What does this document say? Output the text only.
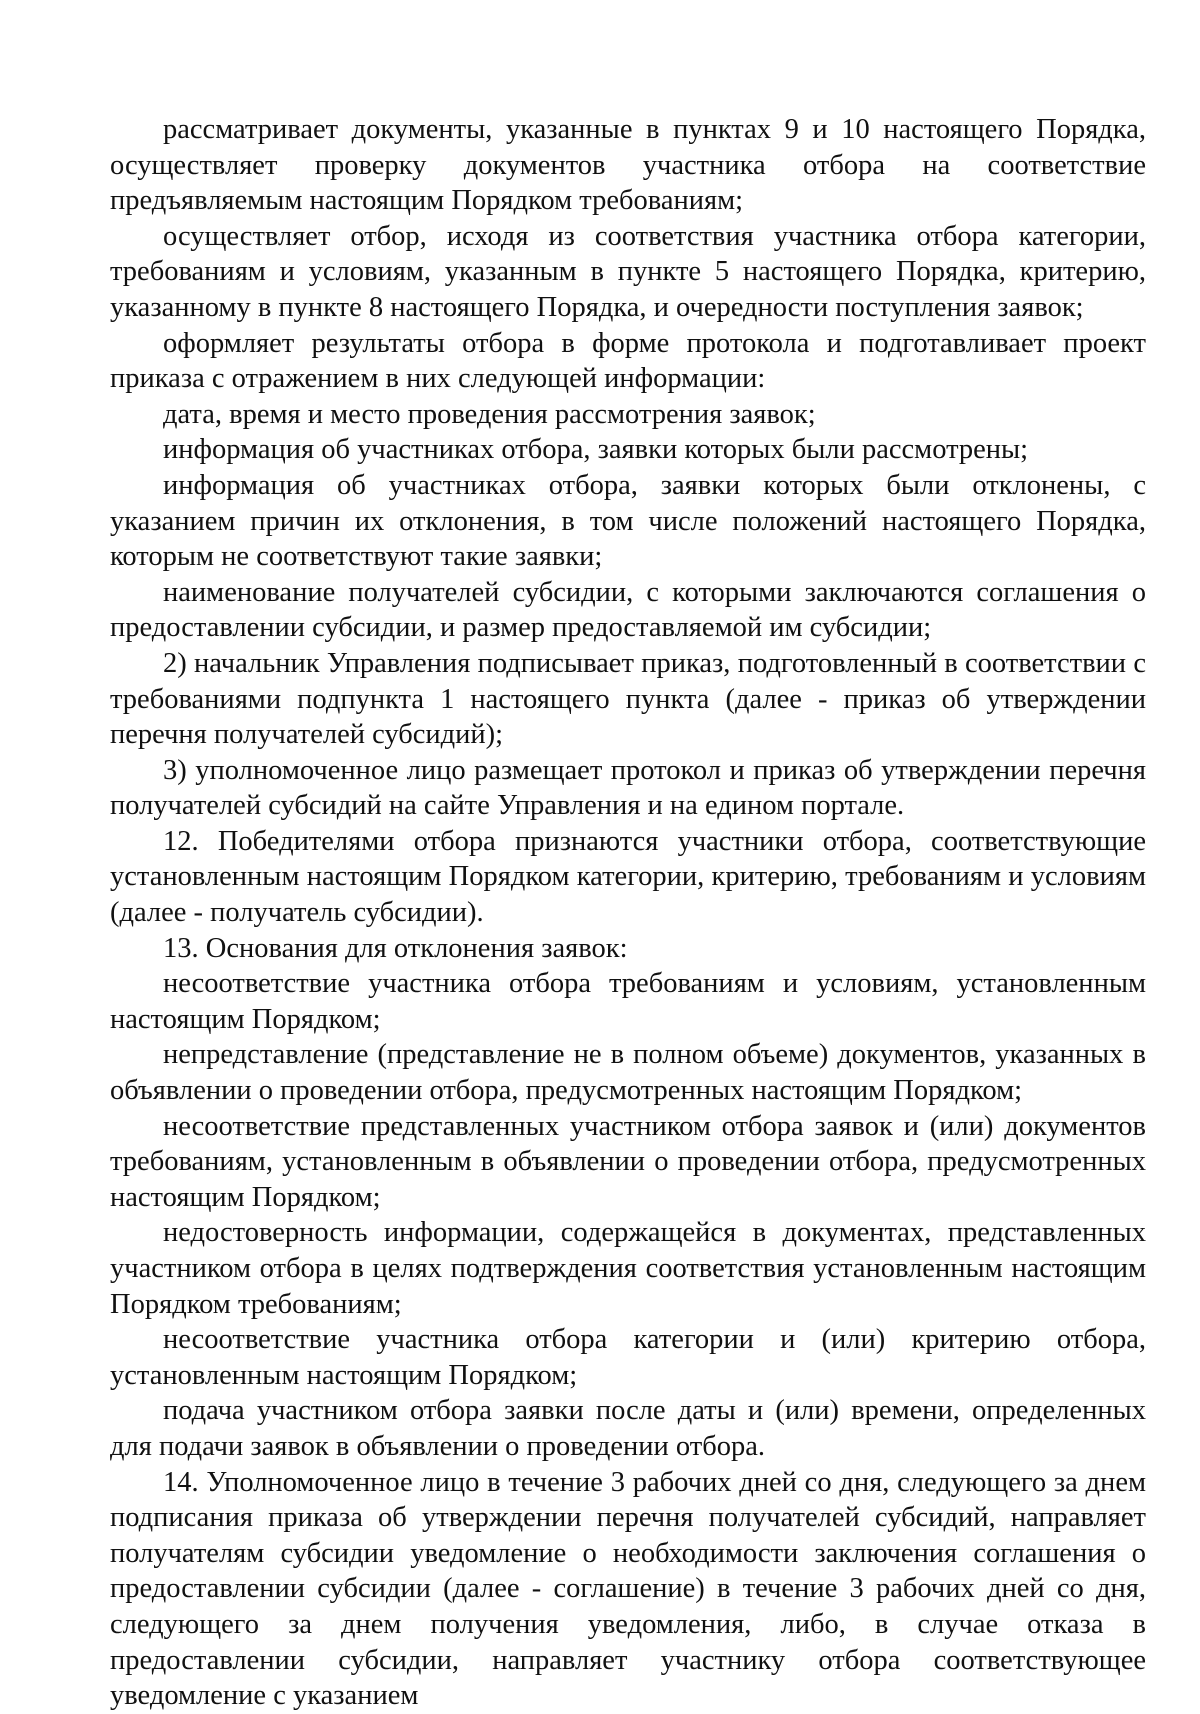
рассматривает документы, указанные в пунктах 9 и 10 настоящего Порядка, осуществляет проверку документов участника отбора на соответствие предъявляемым настоящим Порядком требованиям;

осуществляет отбор, исходя из соответствия участника отбора категории, требованиям и условиям, указанным в пункте 5 настоящего Порядка, критерию, указанному в пункте 8 настоящего Порядка, и очередности поступления заявок;

оформляет результаты отбора в форме протокола и подготавливает проект приказа с отражением в них следующей информации:

дата, время и место проведения рассмотрения заявок;

информация об участниках отбора, заявки которых были рассмотрены;

информация об участниках отбора, заявки которых были отклонены, с указанием причин их отклонения, в том числе положений настоящего Порядка, которым не соответствуют такие заявки;

наименование получателей субсидии, с которыми заключаются соглашения о предоставлении субсидии, и размер предоставляемой им субсидии;

2) начальник Управления подписывает приказ, подготовленный в соответствии с требованиями подпункта 1 настоящего пункта (далее - приказ об утверждении перечня получателей субсидий);

3) уполномоченное лицо размещает протокол и приказ об утверждении перечня получателей субсидий на сайте Управления и на едином портале.

12. Победителями отбора признаются участники отбора, соответствующие установленным настоящим Порядком категории, критерию, требованиям и условиям (далее - получатель субсидии).

13. Основания для отклонения заявок:

несоответствие участника отбора требованиям и условиям, установленным настоящим Порядком;

непредставление (представление не в полном объеме) документов, указанных в объявлении о проведении отбора, предусмотренных настоящим Порядком;

несоответствие представленных участником отбора заявок и (или) документов требованиям, установленным в объявлении о проведении отбора, предусмотренных настоящим Порядком;

недостоверность информации, содержащейся в документах, представленных участником отбора в целях подтверждения соответствия установленным настоящим Порядком требованиям;

несоответствие участника отбора категории и (или) критерию отбора, установленным настоящим Порядком;

подача участником отбора заявки после даты и (или) времени, определенных для подачи заявок в объявлении о проведении отбора.

14. Уполномоченное лицо в течение 3 рабочих дней со дня, следующего за днем подписания приказа об утверждении перечня получателей субсидий, направляет получателям субсидии уведомление о необходимости заключения соглашения о предоставлении субсидии (далее - соглашение) в течение 3 рабочих дней со дня, следующего за днем получения уведомления, либо, в случае отказа в предоставлении субсидии, направляет участнику отбора соответствующее уведомление с указанием
